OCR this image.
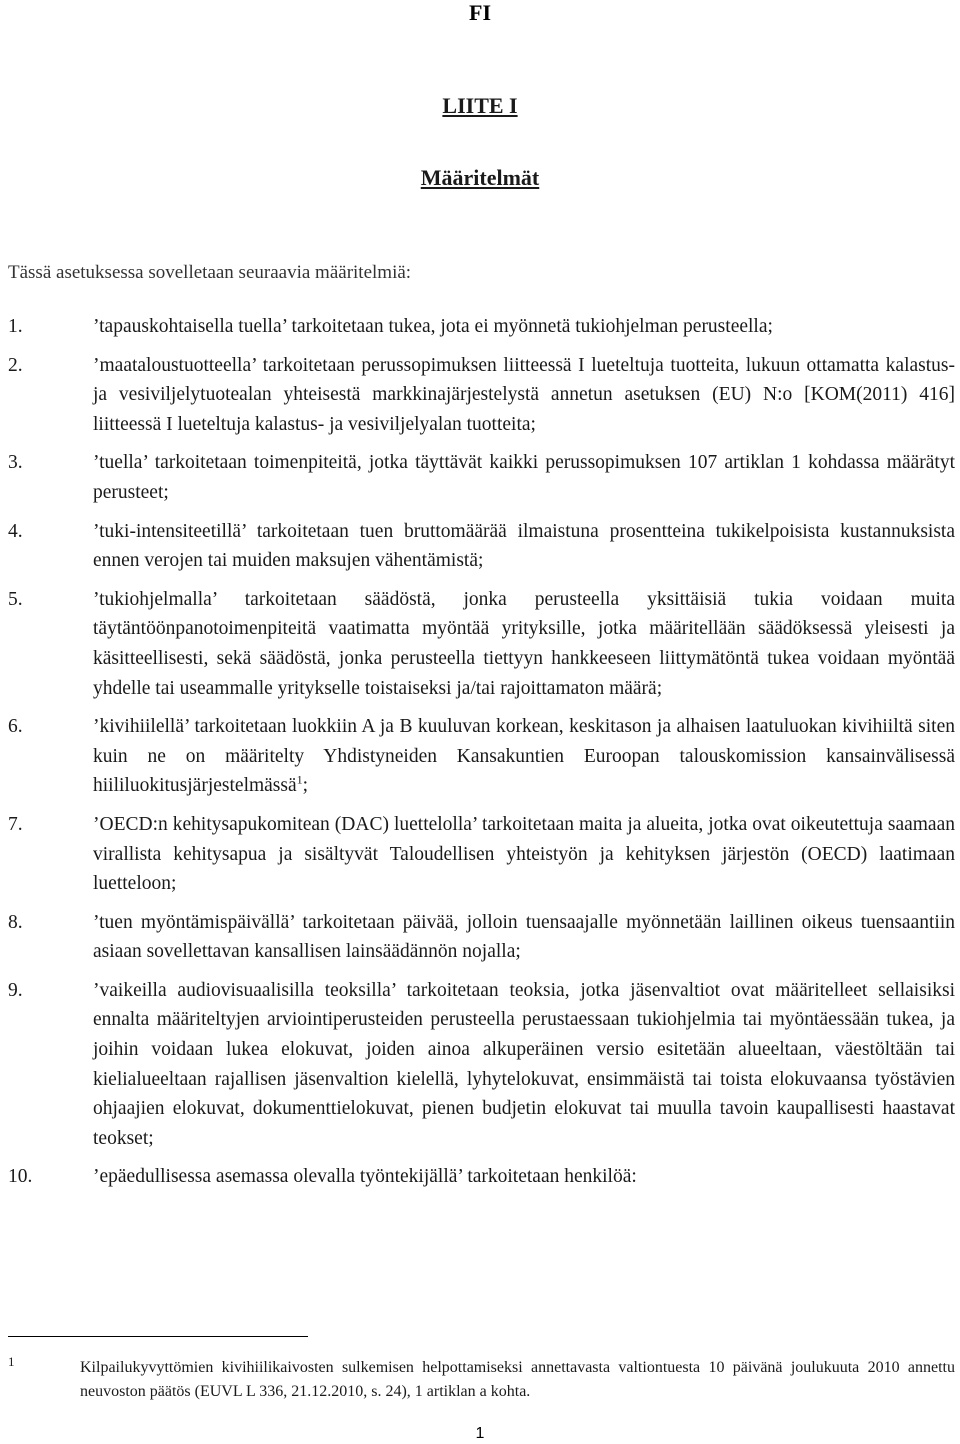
FI
LIITE I
Määritelmät
Tässä asetuksessa sovelletaan seuraavia määritelmiä:
1.	’tapauskohtaisella tuella’ tarkoitetaan tukea, jota ei myönnetä tukiohjelman perusteella;
2.	’maataloustuotteella’ tarkoitetaan perussopimuksen liitteessä I lueteltuja tuotteita, lukuun ottamatta kalastus- ja vesiviljelytuotealan yhteisestä markkinajärjestelystä annetun asetuksen (EU) N:o [KOM(2011) 416] liitteessä I lueteltuja kalastus- ja vesiviljelyalan tuotteita;
3.	’tuella’ tarkoitetaan toimenpiteitä, jotka täyttävät kaikki perussopimuksen 107 artiklan 1 kohdassa määrätyt perusteet;
4.	’tuki-intensiteetillä’ tarkoitetaan tuen bruttomäärää ilmaistuna prosentteina tukikelpoisista kustannuksista ennen verojen tai muiden maksujen vähentämistä;
5.	’tukiohjelmalla’ tarkoitetaan säädöstä, jonka perusteella yksittäisiä tukia voidaan muita täytäntöönpanotoimenpiteitä vaatimatta myöntää yrityksille, jotka määritellään säädöksessä yleisesti ja käsitteellisesti, sekä säädöstä, jonka perusteella tiettyyn hankkeeseen liittymätöntä tukea voidaan myöntää yhdelle tai useammalle yritykselle toistaiseksi ja/tai rajoittamaton määrä;
6.	’kivihiilellä’ tarkoitetaan luokkiin A ja B kuuluvan korkean, keskitason ja alhaisen laatuluokan kivihiiltä siten kuin ne on määritelty Yhdistyneiden Kansakuntien Euroopan talouskomission kansainvälisessä hiililuokitusjärjestelmässä$^1$;
7.	’OECD:n kehitysapukomitean (DAC) luettelolla’ tarkoitetaan maita ja alueita, jotka ovat oikeutettuja saamaan virallista kehitysapua ja sisältyvät Taloudellisen yhteistyön ja kehityksen järjestön (OECD) laatimaan luetteloon;
8.	’tuen myöntämispäivällä’ tarkoitetaan päivää, jolloin tuensaajalle myönnetään laillinen oikeus tuensaantiin asiaan sovellettavan kansallisen lainsäädännön nojalla;
9.	’vaikeilla audiovisuaalisilla teoksilla’ tarkoitetaan teoksia, jotka jäsenvaltiot ovat määritelleet sellaisiksi ennalta määriteltyjen arviointiperusteiden perusteella perustaessaan tukiohjelmia tai myöntäessään tukea, ja joihin voidaan lukea elokuvat, joiden ainoa alkuperäinen versio esitetään alueeltaan, väestöltään tai kielialueeltaan rajallisen jäsenvaltion kielellä, lyhytelokuvat, ensimmäistä tai toista elokuvaansa työstävien ohjaajien elokuvat, dokumenttielokuvat, pienen budjetin elokuvat tai muulla tavoin kaupallisesti haastavat teokset;
10.	’epäedullisessa asemassa olevalla työntekijällä’ tarkoitetaan henkilöä:
1	Kilpailukyvyttömien kivihiilikaivosten sulkemisen helpottamiseksi annettavasta valtiontuesta 10 päivänä joulukuuta 2010 annettu neuvoston päätös (EUVL L 336, 21.12.2010, s. 24), 1 artiklan a kohta.
1
